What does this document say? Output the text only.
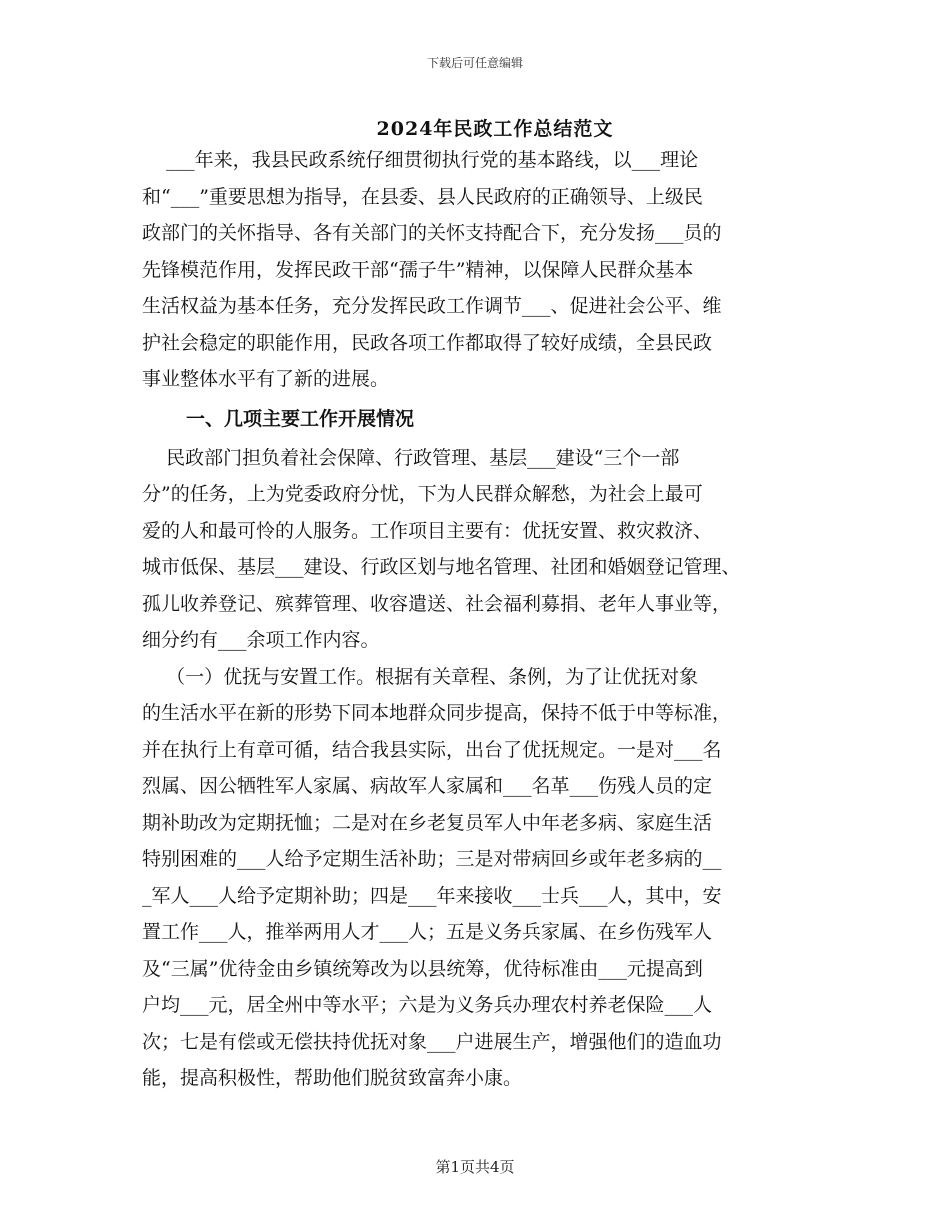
下载后可任意编辑
2024年民政工作总结范文
___年来，我县民政系统仔细贯彻执行党的基本路线，以___理论
和“___”重要思想为指导，在县委、县人民政府的正确领导、上级民
政部门的关怀指导、各有关部门的关怀支持配合下，充分发扬___员的
先锋模范作用，发挥民政干部“孺子牛”精神，以保障人民群众基本
生活权益为基本任务，充分发挥民政工作调节___、促进社会公平、维
护社会稳定的职能作用，民政各项工作都取得了较好成绩，全县民政
事业整体水平有了新的进展。
一、几项主要工作开展情况
民政部门担负着社会保障、行政管理、基层___建设“三个一部
分”的任务，上为党委政府分忧，下为人民群众解愁，为社会上最可
爱的人和最可怜的人服务。工作项目主要有：优抚安置、救灾救济、
城市低保、基层___建设、行政区划与地名管理、社团和婚姻登记管理、
孤儿收养登记、殡葬管理、收容遣送、社会福利募捐、老年人事业等，
细分约有___余项工作内容。
（一）优抚与安置工作。根据有关章程、条例，为了让优抚对象
的生活水平在新的形势下同本地群众同步提高，保持不低于中等标准，
并在执行上有章可循，结合我县实际，出台了优抚规定。一是对___名
烈属、因公牺牲军人家属、病故军人家属和___名革___伤残人员的定
期补助改为定期抚恤；二是对在乡老复员军人中年老多病、家庭生活
特别困难的___人给予定期生活补助；三是对带病回乡或年老多病的__
_军人___人给予定期补助；四是___年来接收___士兵___人，其中，安
置工作___人，推举两用人才___人；五是义务兵家属、在乡伤残军人
及“三属”优待金由乡镇统筹改为以县统筹，优待标准由___元提高到
户均___元，居全州中等水平；六是为义务兵办理农村养老保险___人
次；七是有偿或无偿扶持优抚对象___户进展生产，增强他们的造血功
能，提高积极性，帮助他们脱贫致富奔小康。
第1页共4页
